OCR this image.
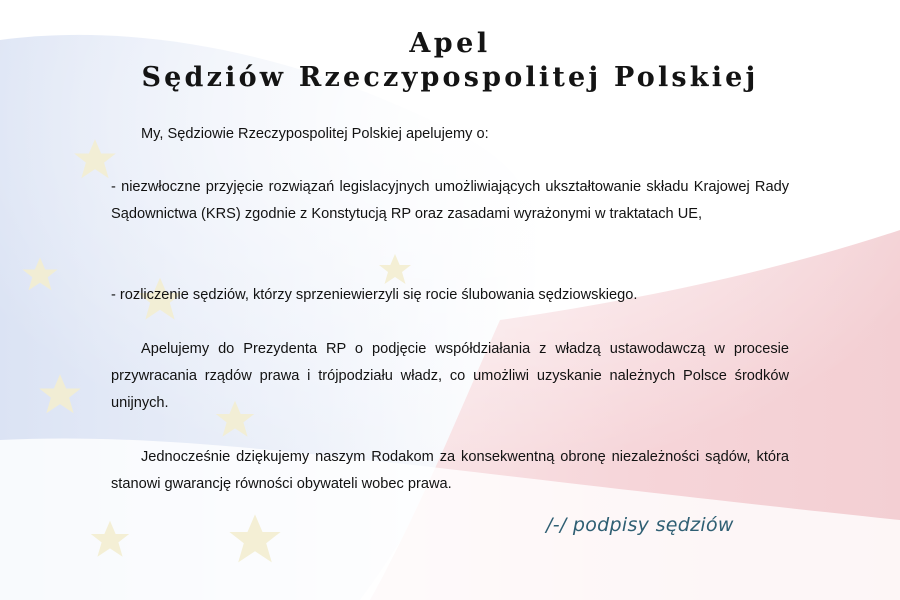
Apel
Sędziów Rzeczypospolitej Polskiej

My, Sędziowie Rzeczypospolitej Polskiej apelujemy o:

- niezwłoczne przyjęcie rozwiązań legislacyjnych umożliwiających ukształtowanie składu Krajowej Rady Sądownictwa (KRS) zgodnie z Konstytucją RP oraz zasadami wyrażonymi w traktatach UE,

- rozliczenie sędziów, którzy sprzeniewierzyli się rocie ślubowania sędziowskiego.

Apelujemy do Prezydenta RP o podjęcie współdziałania z władzą ustawodawczą w procesie przywracania rządów prawa i trójpodziału władz, co umożliwi uzyskanie należnych Polsce środków unijnych.

Jednocześnie dziękujemy naszym Rodakom za konsekwentną obronę niezależności sądów, która stanowi gwarancję równości obywateli wobec prawa.

/-/ podpisy sędziów
